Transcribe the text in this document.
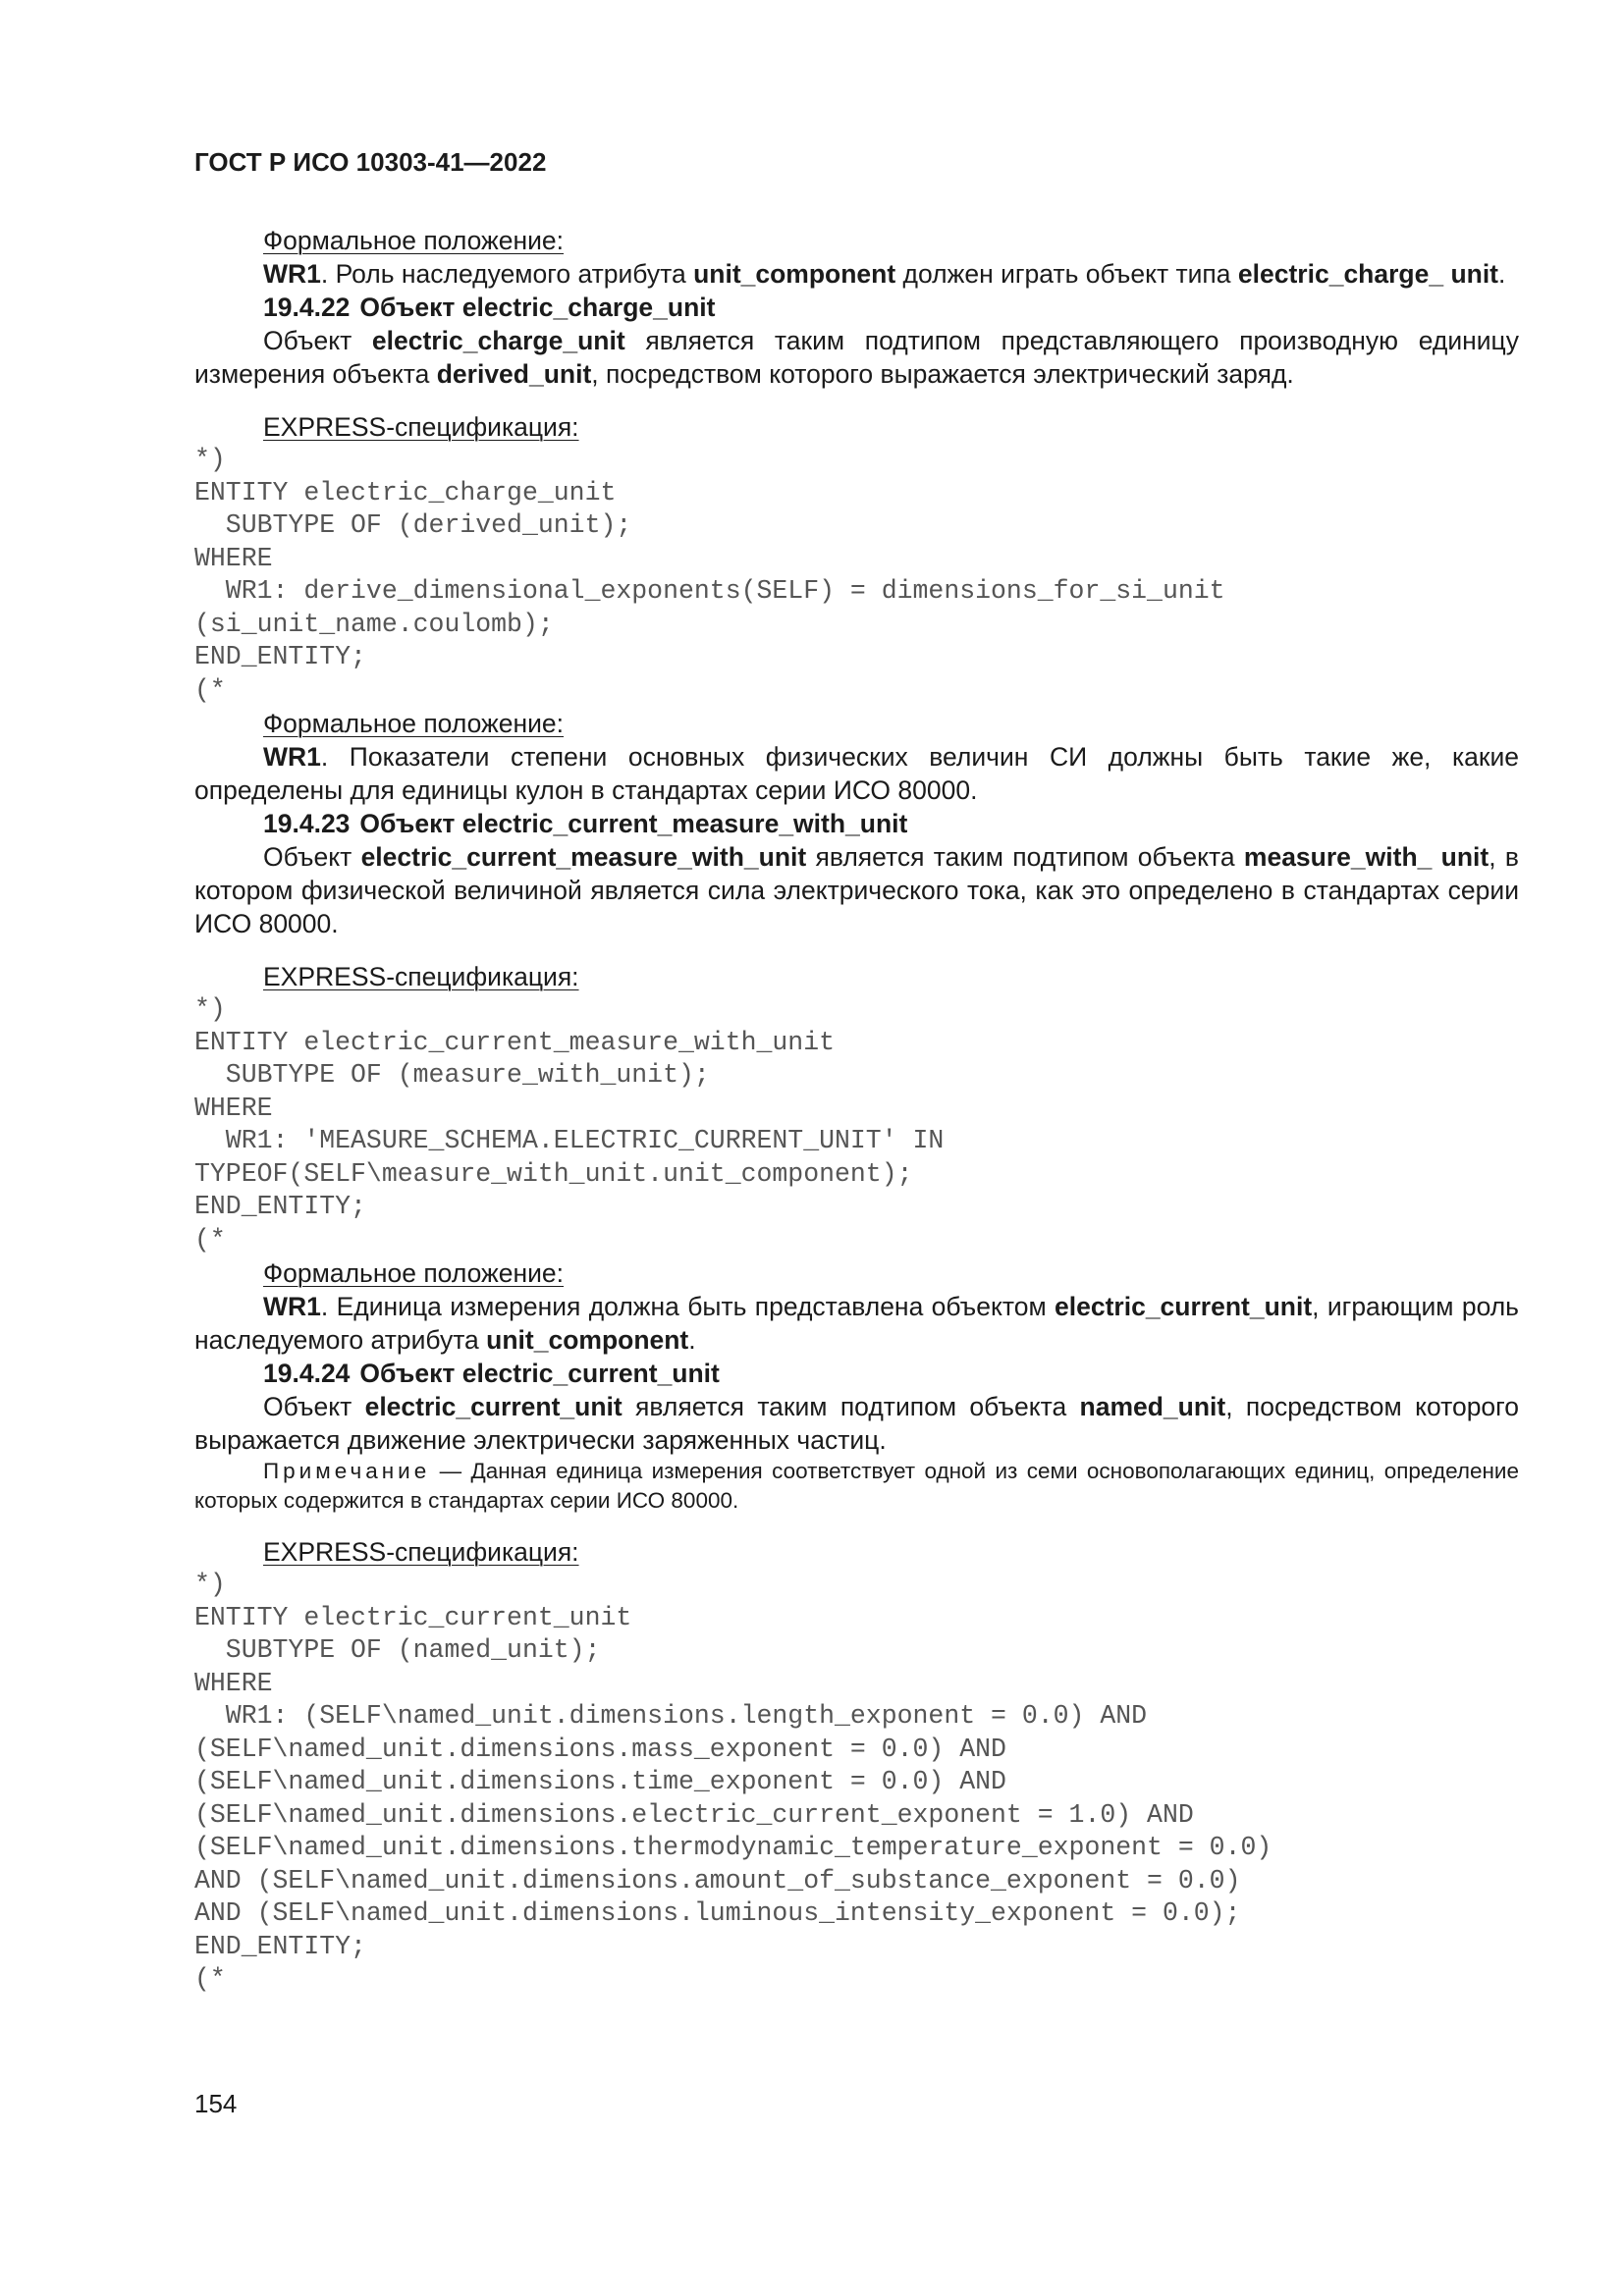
ГОСТ Р ИСО 10303-41—2022
Формальное положение:

WR1. Роль наследуемого атрибута unit_component должен играть объект типа electric_charge_ unit.

19.4.22 Объект electric_charge_unit

Объект electric_charge_unit является таким подтипом представляющего производную единицу измерения объекта derived_unit, посредством которого выражается электрический заряд.

EXPRESS-спецификация:
*)
ENTITY electric_charge_unit
SUBTYPE OF (derived_unit);
WHERE
WR1: derive_dimensional_exponents(SELF) = dimensions_for_si_unit
(si_unit_name.coulomb);
END_ENTITY;
(*
Формальное положение:

WR1. Показатели степени основных физических величин СИ должны быть такие же, какие определены для единицы кулон в стандартах серии ИСО 80000.

19.4.23 Объект electric_current_measure_with_unit

Объект electric_current_measure_with_unit является таким подтипом объекта measure_with_ unit, в котором физической величиной является сила электрического тока, как это определено в стандартах серии ИСО 80000.

EXPRESS-спецификация:
*)
ENTITY electric_current_measure_with_unit
SUBTYPE OF (measure_with_unit);
WHERE
WR1: 'MEASURE_SCHEMA.ELECTRIC_CURRENT_UNIT' IN
TYPEOF(SELF\measure_with_unit.unit_component);
END_ENTITY;
(*
Формальное положение:

WR1. Единица измерения должна быть представлена объектом electric_current_unit, играющим роль наследуемого атрибута unit_component.

19.4.24 Объект electric_current_unit

Объект electric_current_unit является таким подтипом объекта named_unit, посредством которого выражается движение электрически заряженных частиц.

Примечание — Данная единица измерения соответствует одной из семи основополагающих единиц, определение которых содержится в стандартах серии ИСО 80000.

EXPRESS-спецификация:
*)
ENTITY electric_current_unit
SUBTYPE OF (named_unit);
WHERE
WR1: (SELF\named_unit.dimensions.length_exponent = 0.0) AND
(SELF\named_unit.dimensions.mass_exponent = 0.0) AND
(SELF\named_unit.dimensions.time_exponent = 0.0) AND
(SELF\named_unit.dimensions.electric_current_exponent = 1.0) AND
(SELF\named_unit.dimensions.thermodynamic_temperature_exponent = 0.0)
AND (SELF\named_unit.dimensions.amount_of_substance_exponent = 0.0)
AND (SELF\named_unit.dimensions.luminous_intensity_exponent = 0.0);
END_ENTITY;
(*
154
